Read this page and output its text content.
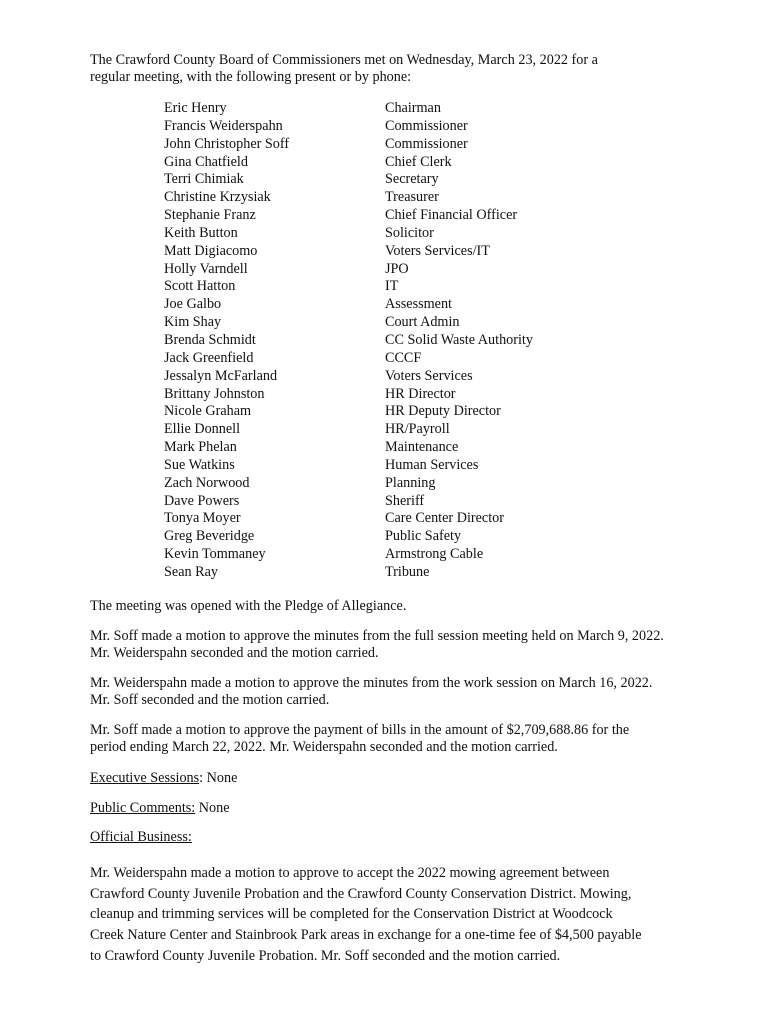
The Crawford County Board of Commissioners met on Wednesday, March 23, 2022 for a
regular meeting, with the following present or by phone:

Eric Henry	Chairman
Francis Weiderspahn	Commissioner
John Christopher Soff	Commissioner
Gina Chatfield	Chief Clerk
Terri Chimiak	Secretary
Christine Krzysiak	Treasurer
Stephanie Franz	Chief Financial Officer
Keith Button	Solicitor
Matt Digiacomo	Voters Services/IT
Holly Varndell	JPO
Scott Hatton	IT
Joe Galbo	Assessment
Kim Shay	Court Admin
Brenda Schmidt	CC Solid Waste Authority
Jack Greenfield	CCCF
Jessalyn McFarland	Voters Services
Brittany Johnston	HR Director
Nicole Graham	HR Deputy Director
Ellie Donnell	HR/Payroll
Mark Phelan	Maintenance
Sue Watkins	Human Services
Zach Norwood	Planning
Dave Powers	Sheriff
Tonya Moyer	Care Center Director
Greg Beveridge	Public Safety
Kevin Tommaney	Armstrong Cable
Sean Ray	Tribune

The meeting was opened with the Pledge of Allegiance.

Mr. Soff made a motion to approve the minutes from the full session meeting held on March 9, 2022.
Mr. Weiderspahn seconded and the motion carried.

Mr. Weiderspahn made a motion to approve the minutes from the work session on March 16, 2022.
Mr. Soff seconded and the motion carried.

Mr. Soff made a motion to approve the payment of bills in the amount of $2,709,688.86 for the
period ending March 22, 2022. Mr. Weiderspahn seconded and the motion carried.

Executive Sessions: None

Public Comments: None

Official Business:

Mr. Weiderspahn made a motion to approve to accept the 2022 mowing agreement between
Crawford County Juvenile Probation and the Crawford County Conservation District. Mowing,
cleanup and trimming services will be completed for the Conservation District at Woodcock
Creek Nature Center and Stainbrook Park areas in exchange for a one-time fee of $4,500 payable
to Crawford County Juvenile Probation. Mr. Soff seconded and the motion carried.
